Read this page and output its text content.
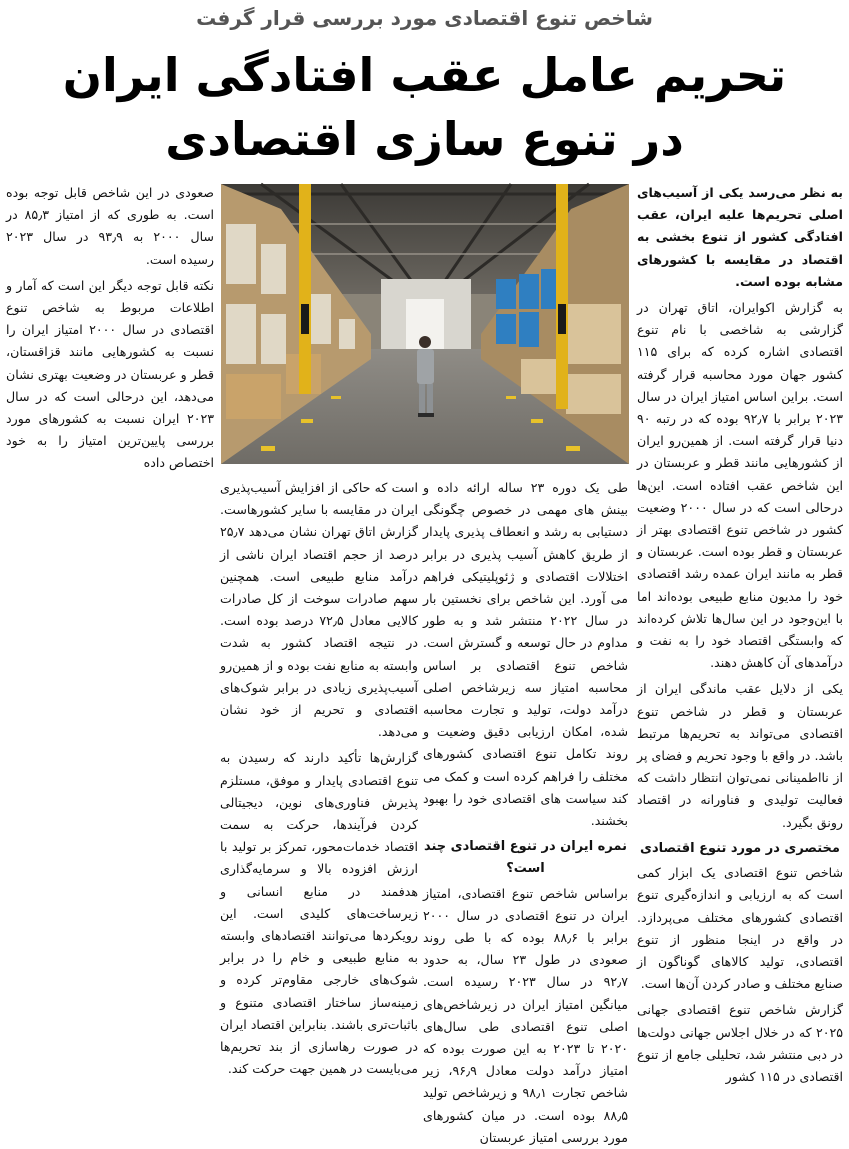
شاخص تنوع اقتصادی مورد بررسی قرار گرفت
تحریم عامل عقب افتادگی ایران
در تنوع سازی اقتصادی

به نظر می‌رسد یکی از آسیب‌های اصلی تحریم‌ها علیه ایران، عقب افتادگی کشور از تنوع بخشی به اقتصاد در مقایسه با کشورهای مشابه بوده است.

به گزارش اکوایران، اتاق تهران در گزارشی به شاخصی با نام تنوع اقتصادی اشاره کرده که برای ۱۱۵ کشور جهان مورد محاسبه قرار گرفته است. براین اساس امتیاز ایران در سال ۲۰۲۳ برابر با ۹۲٫۷ بوده که در رتبه ۹۰ دنیا قرار گرفته است. از همین‌رو ایران از کشورهایی مانند قطر و عربستان در این شاخص عقب افتاده است. این‌ها درحالی است که در سال ۲۰۰۰ وضعیت کشور در شاخص تنوع اقتصادی بهتر از عربستان و قطر بوده است. عربستان و قطر به مانند ایران عمده رشد اقتصادی خود را مدیون منابع طبیعی بوده‌اند اما با این‌وجود در این سال‌ها تلاش کرده‌اند که وابستگی اقتصاد خود را به نفت و درآمدهای آن کاهش دهند.

یکی از دلایل عقب ماندگی ایران از عربستان و قطر در شاخص تنوع اقتصادی می‌تواند به تحریم‌ها مرتبط باشد. در واقع با وجود تحریم و فضای پر از نااطمینانی نمی‌توان انتظار داشت که فعالیت تولیدی و فناورانه در اقتصاد رونق بگیرد.

مختصری در مورد تنوع اقتصادی

شاخص تنوع اقتصادی یک ابزار کمی است که به ارزیابی و اندازه‌گیری تنوع اقتصادی کشورهای مختلف می‌پردازد. در واقع در اینجا منظور از تنوع اقتصادی، تولید کالاهای گوناگون از صنایع مختلف و صادر کردن آن‌ها است.

گزارش شاخص تنوع اقتصادی جهانی ۲۰۲۵ که در خلال اجلاس جهانی دولت‌ها در دبی منتشر شد، تحلیلی جامع از تنوع اقتصادی در ۱۱۵ کشور

طی یک دوره ۲۳ ساله ارائه داده و بینش های مهمی در خصوص چگونگی دستیابی به رشد و انعطاف پذیری پایدار از طریق کاهش آسیب پذیری در برابر اختلالات اقتصادی و ژئوپلیتیکی فراهم می آورد. این شاخص برای نخستین بار در سال ۲۰۲۲ منتشر شد و به طور مداوم در حال توسعه و گسترش است. شاخص تنوع اقتصادی بر اساس محاسبه امتیاز سه زیرشاخص اصلی درآمد دولت، تولید و تجارت محاسبه شده، امکان ارزیابی دقیق وضعیت و روند تکامل تنوع اقتصادی کشورهای مختلف را فراهم کرده است و کمک می کند سیاست های اقتصادی خود را بهبود بخشند.

نمره ایران در تنوع اقتصادی چند است؟

براساس شاخص تنوع اقتصادی، امتیاز ایران در تنوع اقتصادی در سال ۲۰۰۰ برابر با ۸۸٫۶ بوده که با طی روند صعودی در طول ۲۳ سال، به حدود ۹۲٫۷ در سال ۲۰۲۳ رسیده است. میانگین امتیاز ایران در زیرشاخص‌های اصلی تنوع اقتصادی طی سال‌های ۲۰۲۰ تا ۲۰۲۳ به این صورت بوده که امتیاز درآمد دولت معادل ۹۶٫۹، زیر شاخص تجارت ۹۸٫۱ و زیرشاخص تولید ۸۸٫۵ بوده است. در میان کشورهای مورد بررسی امتیاز عربستان

است که حاکی از افزایش آسیب‌پذیری ایران در مقایسه با سایر کشورهاست. گزارش اتاق تهران نشان می‌دهد ۲۵٫۷ درصد از حجم اقتصاد ایران ناشی از درآمد منابع طبیعی است. همچنین سهم صادرات سوخت از کل صادرات کالایی معادل ۷۲٫۵ درصد بوده است. در نتیجه اقتصاد کشور به شدت وابسته به منابع نفت بوده و از همین‌رو آسیب‌پذیری زیادی در برابر شوک‌های اقتصادی و تحریم از خود نشان می‌دهد.

گزارش‌ها تأکید دارند که رسیدن به تنوع اقتصادی پایدار و موفق، مستلزم پذیرش فناوری‌های نوین، دیجیتالی کردن فرآیندها، حرکت به سمت اقتصاد خدمات‌محور، تمرکز بر تولید با ارزش افزوده بالا و سرمایه‌گذاری هدفمند در منابع انسانی و زیرساخت‌های کلیدی است. این رویکردها می‌توانند اقتصادهای وابسته به منابع طبیعی و خام را در برابر شوک‌های خارجی مقاوم‌تر کرده و زمینه‌ساز ساختار اقتصادی متنوع و باثبات‌تری باشند. بنابراین اقتصاد ایران در صورت رهاسازی از بند تحریم‌ها می‌بایست در همین جهت حرکت کند.

صعودی در این شاخص قابل توجه بوده است. به طوری که از امتیاز ۸۵٫۳ در سال ۲۰۰۰ به ۹۳٫۹ در سال ۲۰۲۳ رسیده است.

نکته قابل توجه دیگر این است که آمار و اطلاعات مربوط به شاخص تنوع اقتصادی در سال ۲۰۰۰ امتیاز ایران را نسبت به کشورهایی مانند قزاقستان، قطر و عربستان در وضعیت بهتری نشان می‌دهد، این درحالی است که در سال ۲۰۲۳ ایران نسبت به کشورهای مورد بررسی پایین‌ترین امتیاز را به خود اختصاص داده
